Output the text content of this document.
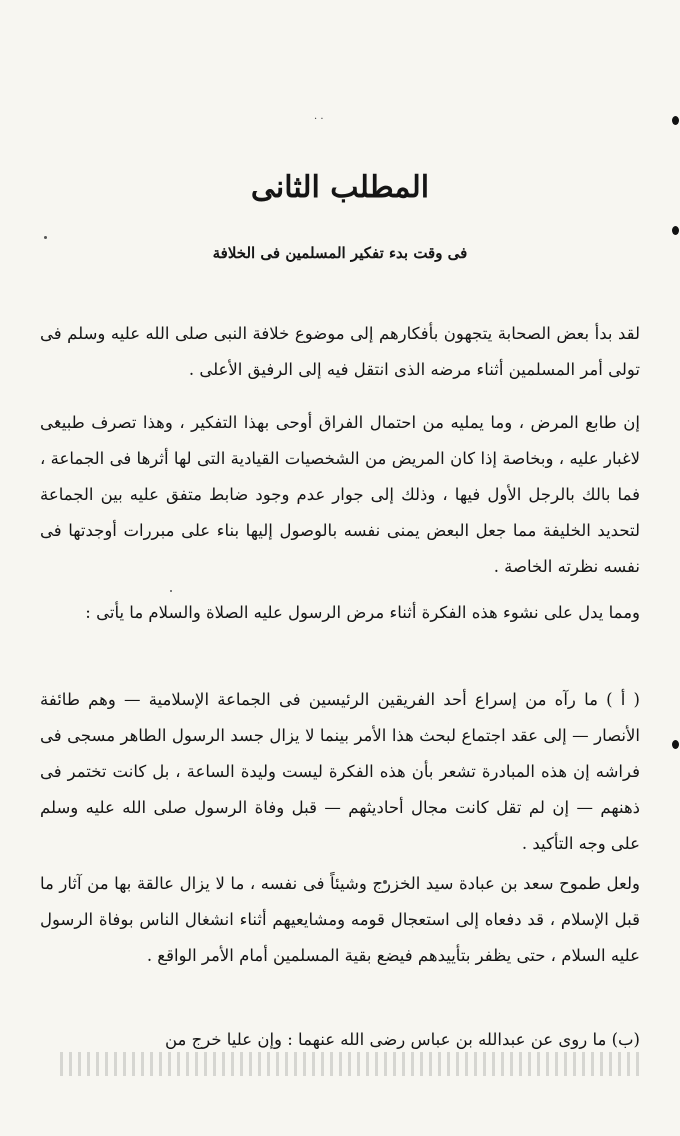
· ·
المطلب الثانى
فى وقت بدء تفكير المسلمين فى الخلافة

لقد بدأ بعض الصحابة يتجهون بأفكارهم إلى موضوع خلافة النبى صلى الله عليه وسلم فى تولى أمر المسلمين أثناء مرضه الذى انتقل فيه إلى الرفيق الأعلى .

إن طابع المرض ، وما يمليه من احتمال الفراق أوحى بهذا التفكير ، وهذا تصرف طبيعى لاغبار عليه ، وبخاصة إذا كان المريض من الشخصيات القيادية التى لها أثرها فى الجماعة ، فما بالك بالرجل الأول فيها ، وذلك إلى جوار عدم وجود ضابط متفق عليه بين الجماعة لتحديد الخليفة مما جعل البعض يمنى نفسه بالوصول إليها بناء على مبررات أوجدتها فى نفسه نظرته الخاصة .

ومما يدل على نشوء هذه الفكرة أثناء مرض الرسول عليه الصلاة والسلام ما يأتى :

( أ ) ما رآه من إسراع أحد الفريقين الرئيسين فى الجماعة الإسلامية — وهم طائفة الأنصار — إلى عقد اجتماع لبحث هذا الأمر بينما لا يزال جسد الرسول الطاهر مسجى فى فراشه إن هذه المبادرة تشعر بأن هذه الفكرة ليست وليدة الساعة ، بل كانت تختمر فى ذهنهم — إن لم تقل كانت مجال أحاديثهم — قبل وفاة الرسول صلى الله عليه وسلم على وجه التأكيد .

ولعل طموح سعد بن عبادة سيد الخزرج وشيئاً فى نفسه ، ما لا يزال عالقة بها من آثار ما قبل الإسلام ، قد دفعاه إلى استعجال قومه ومشايعيهم أثناء انشغال الناس بوفاة الرسول عليه السلام ، حتى يظفر بتأييدهم فيضع بقية المسلمين أمام الأمر الواقع .

(ب) ما روى عن عبدالله بن عباس رضى الله عنهما : وإن عليا خرج من
